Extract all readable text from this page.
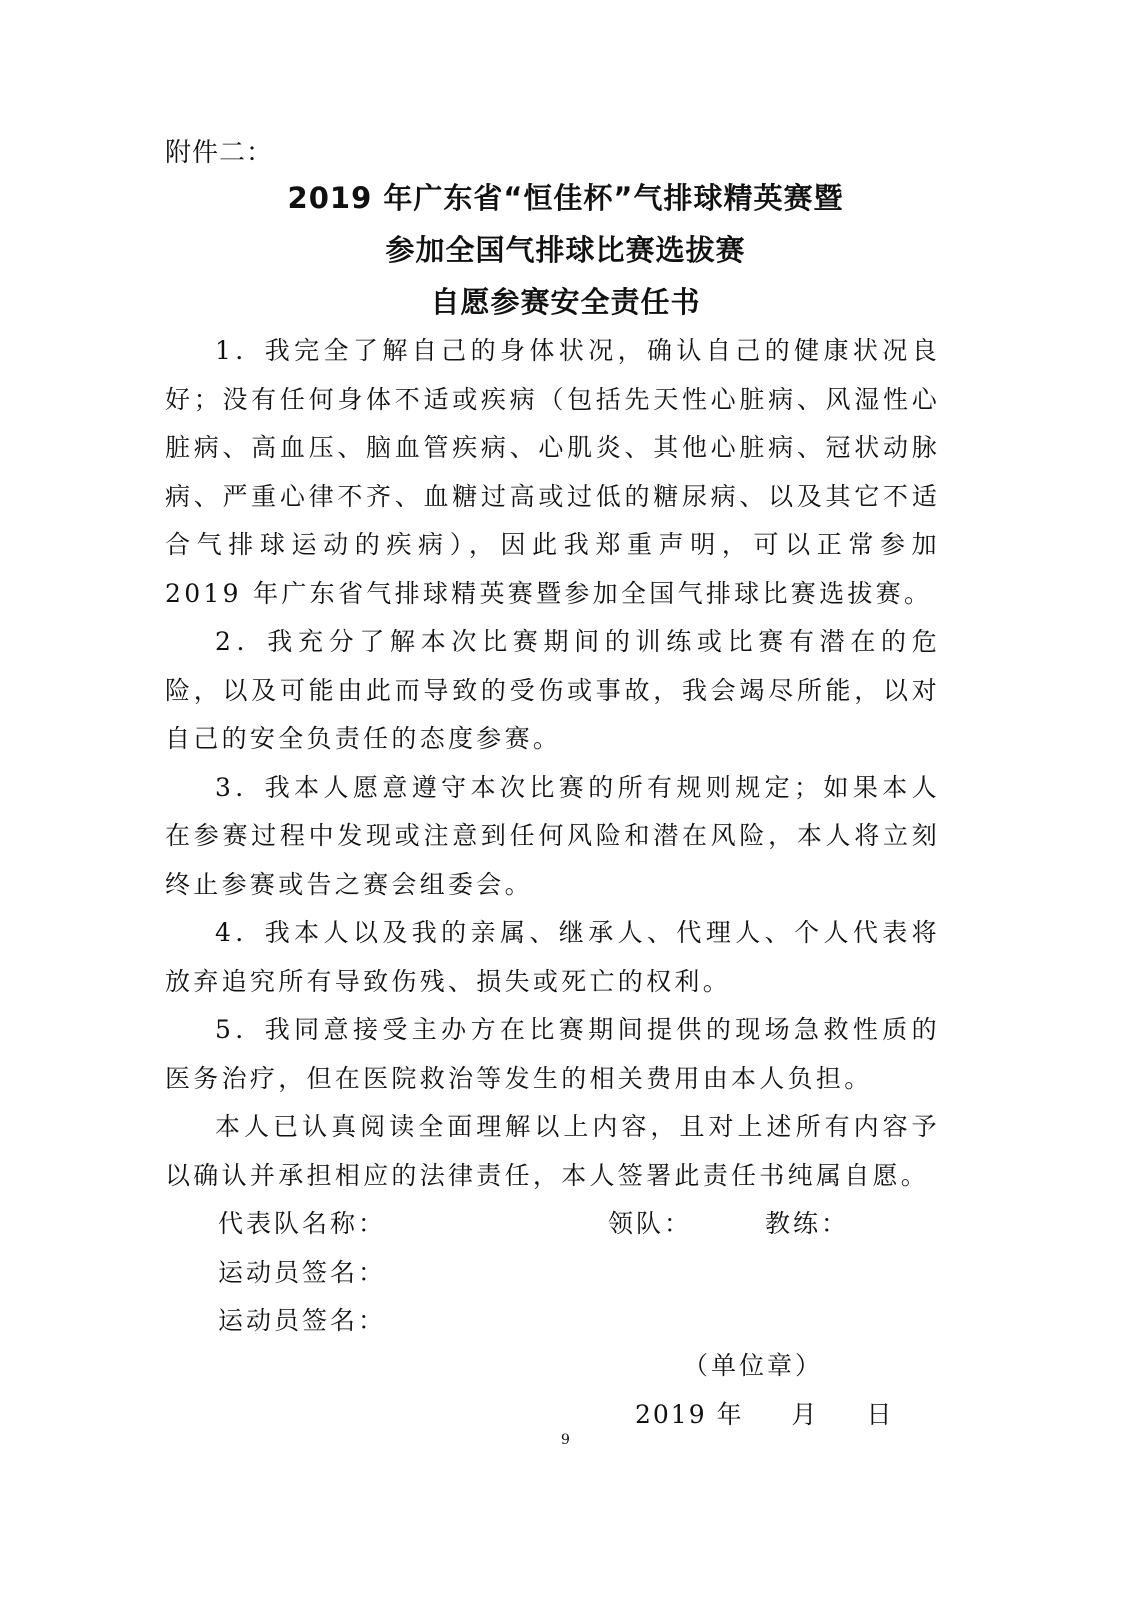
附件二：
2019 年广东省“恒佳杯”气排球精英赛暨
参加全国气排球比赛选拔赛
自愿参赛安全责任书

1．我完全了解自己的身体状况，确认自己的健康状况良好；没有任何身体不适或疾病（包括先天性心脏病、风湿性心脏病、高血压、脑血管疾病、心肌炎、其他心脏病、冠状动脉病、严重心律不齐、血糖过高或过低的糖尿病、以及其它不适合气排球运动的疾病），因此我郑重声明，可以正常参加 2019 年广东省气排球精英赛暨参加全国气排球比赛选拔赛。

2．我充分了解本次比赛期间的训练或比赛有潜在的危险，以及可能由此而导致的受伤或事故，我会竭尽所能，以对自己的安全负责任的态度参赛。

3．我本人愿意遵守本次比赛的所有规则规定；如果本人在参赛过程中发现或注意到任何风险和潜在风险，本人将立刻终止参赛或告之赛会组委会。

4．我本人以及我的亲属、继承人、代理人、个人代表将放弃追究所有导致伤残、损失或死亡的权利。

5．我同意接受主办方在比赛期间提供的现场急救性质的医务治疗，但在医院救治等发生的相关费用由本人负担。

本人已认真阅读全面理解以上内容，且对上述所有内容予以确认并承担相应的法律责任，本人签署此责任书纯属自愿。

代表队名称：	领队：	教练：
运动员签名：
运动员签名：
（单位章）
2019 年 月 日
9
